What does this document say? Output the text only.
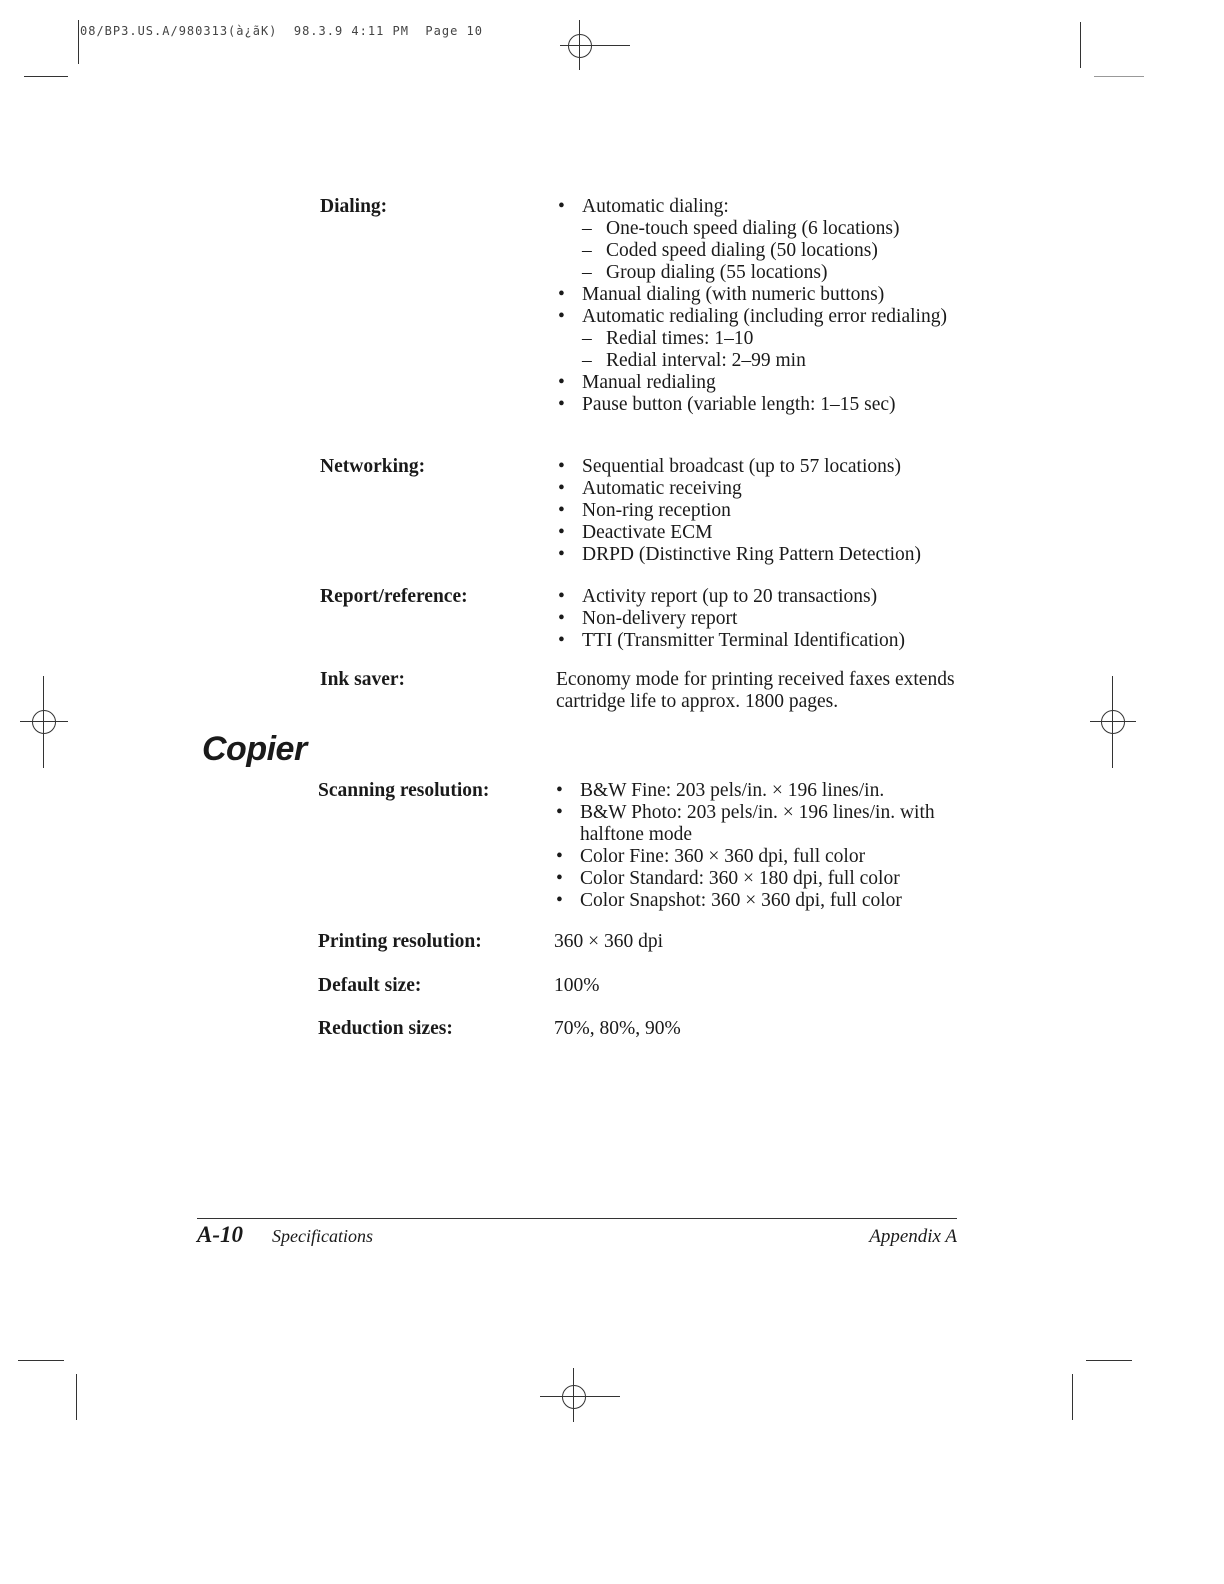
08/BP3.US.A/980313(à¿ãK)  98.3.9 4:11 PM  Page 10
Dialing:	• Automatic dialing:
– One-touch speed dialing (6 locations)
– Coded speed dialing (50 locations)
– Group dialing (55 locations)
• Manual dialing (with numeric buttons)
• Automatic redialing (including error redialing)
– Redial times: 1–10
– Redial interval: 2–99 min
• Manual redialing
• Pause button (variable length: 1–15 sec)
Networking:	• Sequential broadcast (up to 57 locations)
• Automatic receiving
• Non-ring reception
• Deactivate ECM
• DRPD (Distinctive Ring Pattern Detection)
Report/reference:	• Activity report (up to 20 transactions)
• Non-delivery report
• TTI (Transmitter Terminal Identification)
Ink saver:	Economy mode for printing received faxes extends cartridge life to approx. 1800 pages.
Copier
Scanning resolution:	• B&W Fine: 203 pels/in. × 196 lines/in.
• B&W Photo: 203 pels/in. × 196 lines/in. with halftone mode
• Color Fine: 360 × 360 dpi, full color
• Color Standard: 360 × 180 dpi, full color
• Color Snapshot: 360 × 360 dpi, full color
Printing resolution:	360 × 360 dpi
Default size:	100%
Reduction sizes:	70%, 80%, 90%
A-10 Specifications	Appendix A
